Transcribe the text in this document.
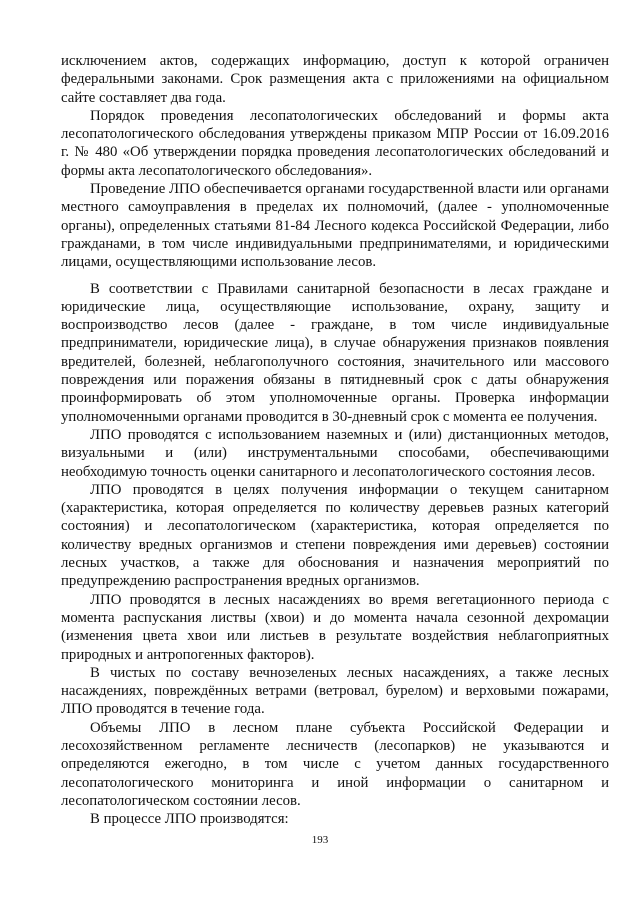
исключением актов, содержащих информацию, доступ к которой ограничен федеральными законами. Срок размещения акта с приложениями на официальном сайте составляет два года.

Порядок проведения лесопатологических обследований и формы акта лесопатологического обследования утверждены приказом МПР России от 16.09.2016 г. № 480 «Об утверждении порядка проведения лесопатологических обследований и формы акта лесопатологического обследования».

Проведение ЛПО обеспечивается органами государственной власти или органами местного самоуправления в пределах их полномочий, (далее - уполномоченные органы), определенных статьями 81-84 Лесного кодекса Российской Федерации, либо гражданами, в том числе индивидуальными предпринимателями, и юридическими лицами, осуществляющими использование лесов.

В соответствии с Правилами санитарной безопасности в лесах граждане и юридические лица, осуществляющие использование, охрану, защиту и воспроизводство лесов (далее - граждане, в том числе индивидуальные предприниматели, юридические лица), в случае обнаружения признаков появления вредителей, болезней, неблагополучного состояния, значительного или массового повреждения или поражения обязаны в пятидневный срок с даты обнаружения проинформировать об этом уполномоченные органы. Проверка информации уполномоченными органами проводится в 30-дневный срок с момента ее получения.

ЛПО проводятся с использованием наземных и (или) дистанционных методов, визуальными и (или) инструментальными способами, обеспечивающими необходимую точность оценки санитарного и лесопатологического состояния лесов.

ЛПО проводятся в целях получения информации о текущем санитарном (характеристика, которая определяется по количеству деревьев разных категорий состояния) и лесопатологическом (характеристика, которая определяется по количеству вредных организмов и степени повреждения ими деревьев) состоянии лесных участков, а также для обоснования и назначения мероприятий по предупреждению распространения вредных организмов.

ЛПО проводятся в лесных насаждениях во время вегетационного периода с момента распускания листвы (хвои) и до момента начала сезонной дехромации (изменения цвета хвои или листьев в результате воздействия неблагоприятных природных и антропогенных факторов).

В чистых по составу вечнозеленых лесных насаждениях, а также лесных насаждениях, повреждённых ветрами (ветровал, бурелом) и верховыми пожарами, ЛПО проводятся в течение года.

Объемы ЛПО в лесном плане субъекта Российской Федерации и лесохозяйственном регламенте лесничеств (лесопарков) не указываются и определяются ежегодно, в том числе с учетом данных государственного лесопатологического мониторинга и иной информации о санитарном и лесопатологическом состоянии лесов.

В процессе ЛПО производятся:

193
